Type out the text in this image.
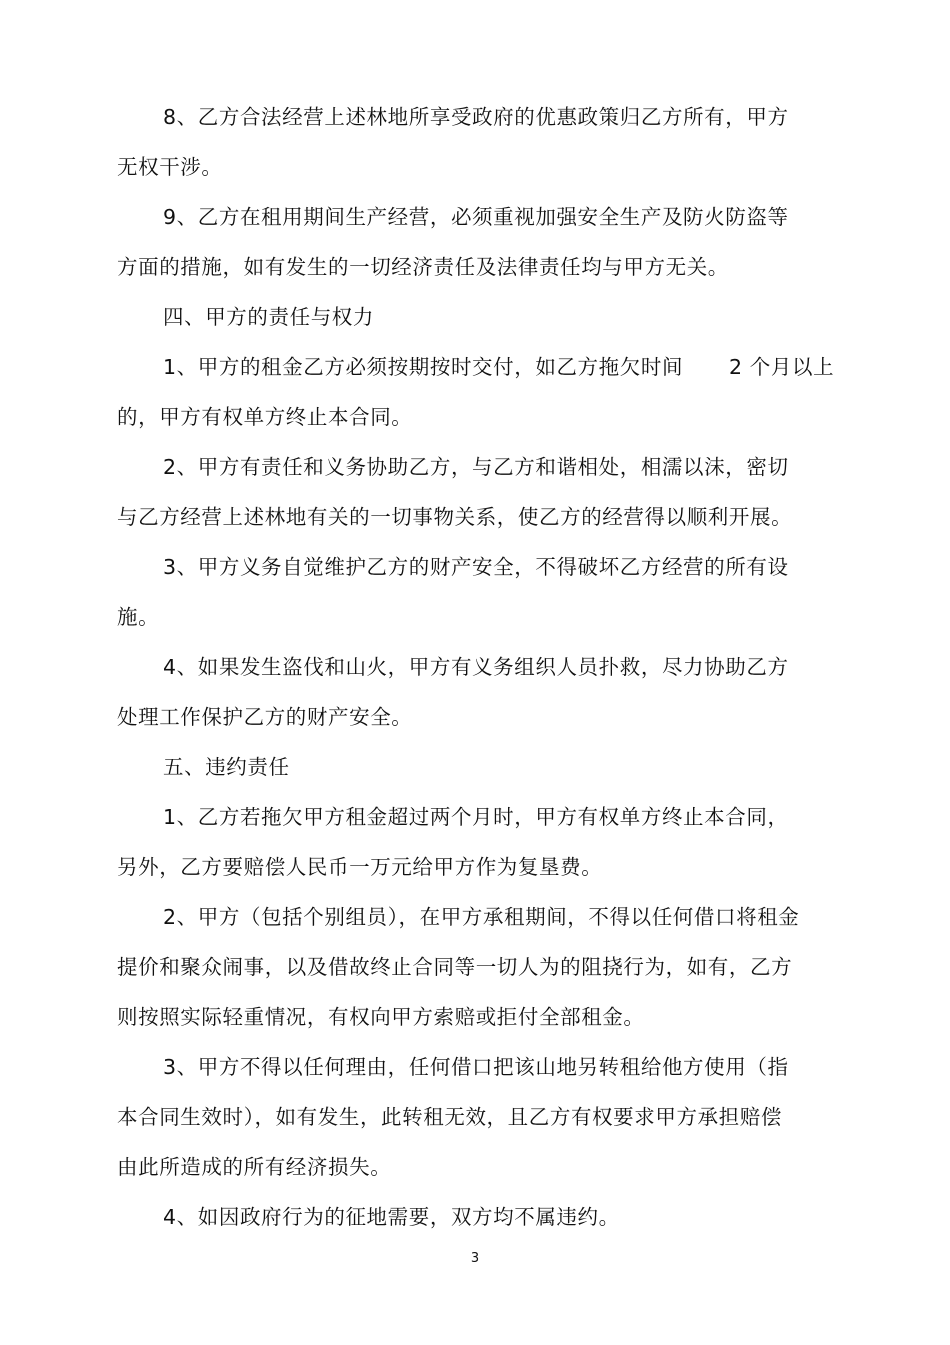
8、乙方合法经营上述林地所享受政府的优惠政策归乙方所有，甲方
无权干涉。
9、乙方在租用期间生产经营，必须重视加强安全生产及防火防盗等
方面的措施，如有发生的一切经济责任及法律责任均与甲方无关。
四、甲方的责任与权力
1、甲方的租金乙方必须按期按时交付，如乙方拖欠时间 2 个月以上
的，甲方有权单方终止本合同。
2、甲方有责任和义务协助乙方，与乙方和谐相处，相濡以沫，密切
与乙方经营上述林地有关的一切事物关系，使乙方的经营得以顺利开展。
3、甲方义务自觉维护乙方的财产安全，不得破坏乙方经营的所有设
施。
4、如果发生盗伐和山火，甲方有义务组织人员扑救，尽力协助乙方
处理工作保护乙方的财产安全。
五、违约责任
1、乙方若拖欠甲方租金超过两个月时，甲方有权单方终止本合同，
另外，乙方要赔偿人民币一万元给甲方作为复垦费。
2、甲方（包括个别组员），在甲方承租期间，不得以任何借口将租金
提价和聚众闹事，以及借故终止合同等一切人为的阻挠行为，如有，乙方
则按照实际轻重情况，有权向甲方索赔或拒付全部租金。
3、甲方不得以任何理由，任何借口把该山地另转租给他方使用（指
本合同生效时），如有发生，此转租无效，且乙方有权要求甲方承担赔偿
由此所造成的所有经济损失。
4、如因政府行为的征地需要，双方均不属违约。
3
